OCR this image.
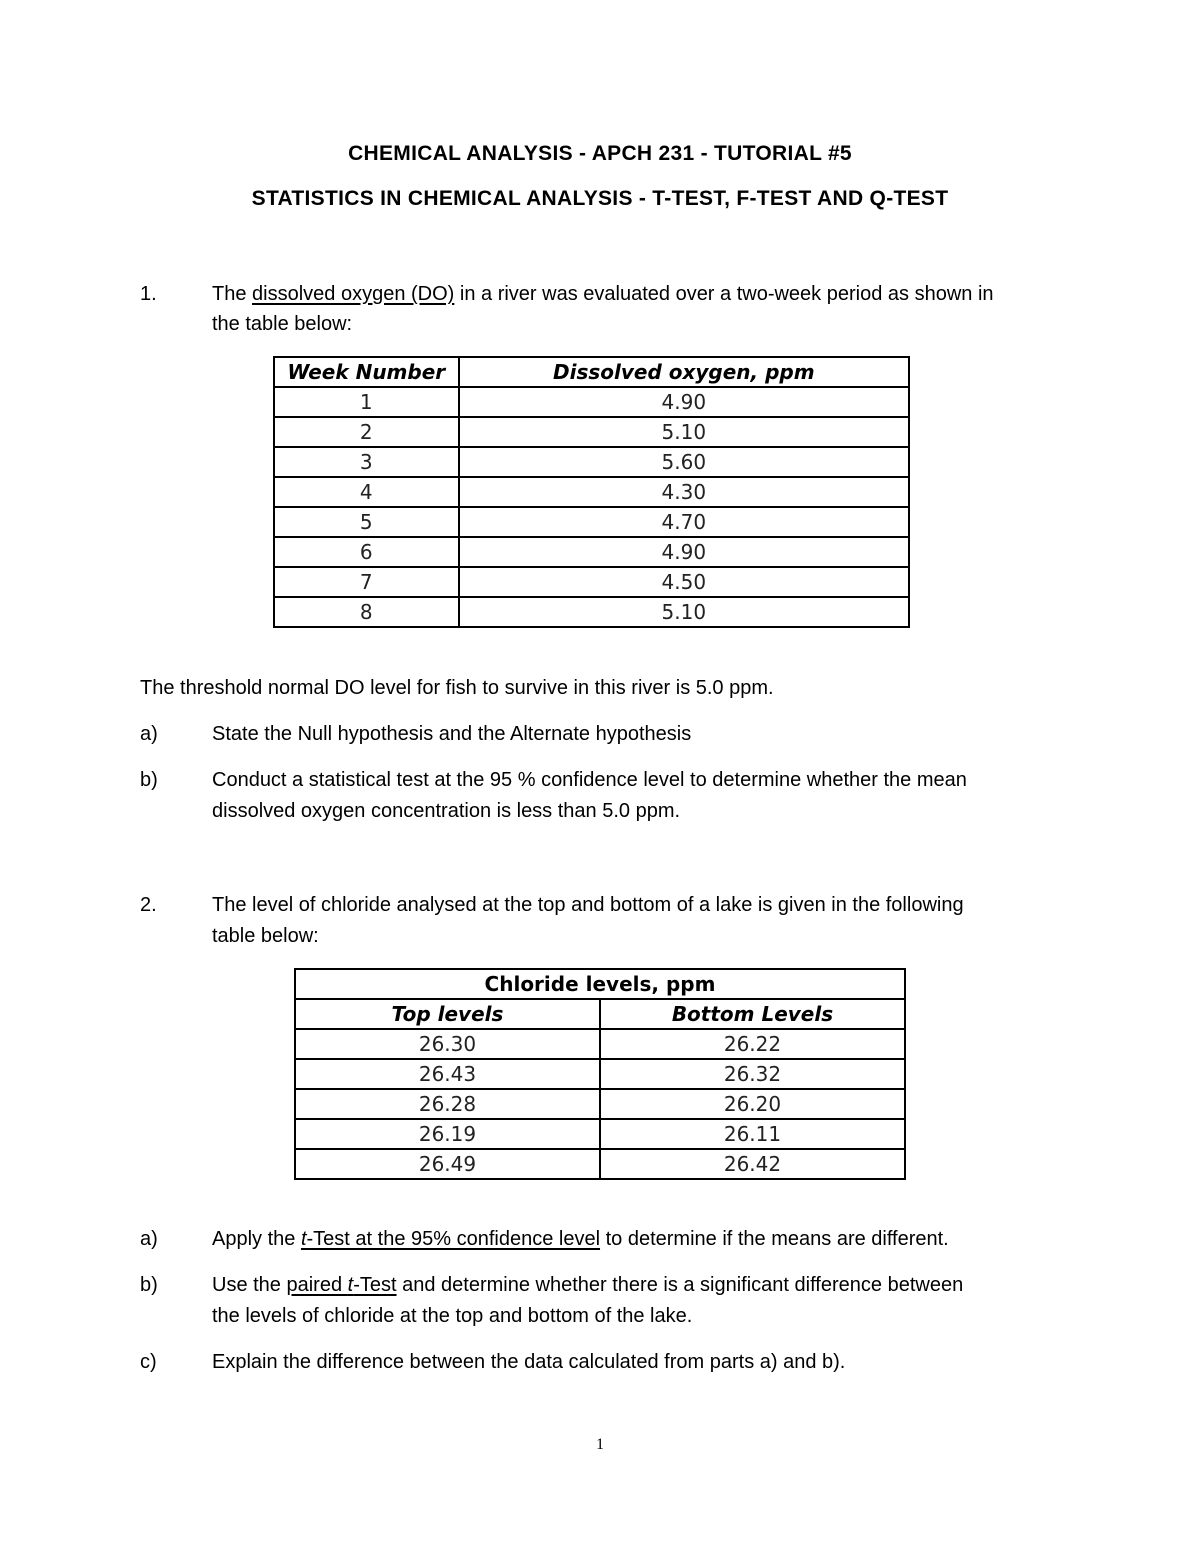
CHEMICAL ANALYSIS - APCH 231 - TUTORIAL #5
STATISTICS IN CHEMICAL ANALYSIS - T-TEST, F-TEST AND Q-TEST
1.	The dissolved oxygen (DO) in a river was evaluated over a two-week period as shown in
the table below:
Week Number	Dissolved oxygen, ppm
1	4.90
2	5.10
3	5.60
4	4.30
5	4.70
6	4.90
7	4.50
8	5.10
The threshold normal DO level for fish to survive in this river is 5.0 ppm.
a)	State the Null hypothesis and the Alternate hypothesis
b)	Conduct a statistical test at the 95 % confidence level to determine whether the mean
dissolved oxygen concentration is less than 5.0 ppm.
2.	The level of chloride analysed at the top and bottom of a lake is given in the following
table below:
Chloride levels, ppm	
Top levels	Bottom Levels
26.30	26.22
26.43	26.32
26.28	26.20
26.19	26.11
26.49	26.42
a)	Apply the t-Test at the 95% confidence level to determine if the means are different.
b)	Use the paired t-Test and determine whether there is a significant difference between
the levels of chloride at the top and bottom of the lake.
c)	Explain the difference between the data calculated from parts a) and b).
1
